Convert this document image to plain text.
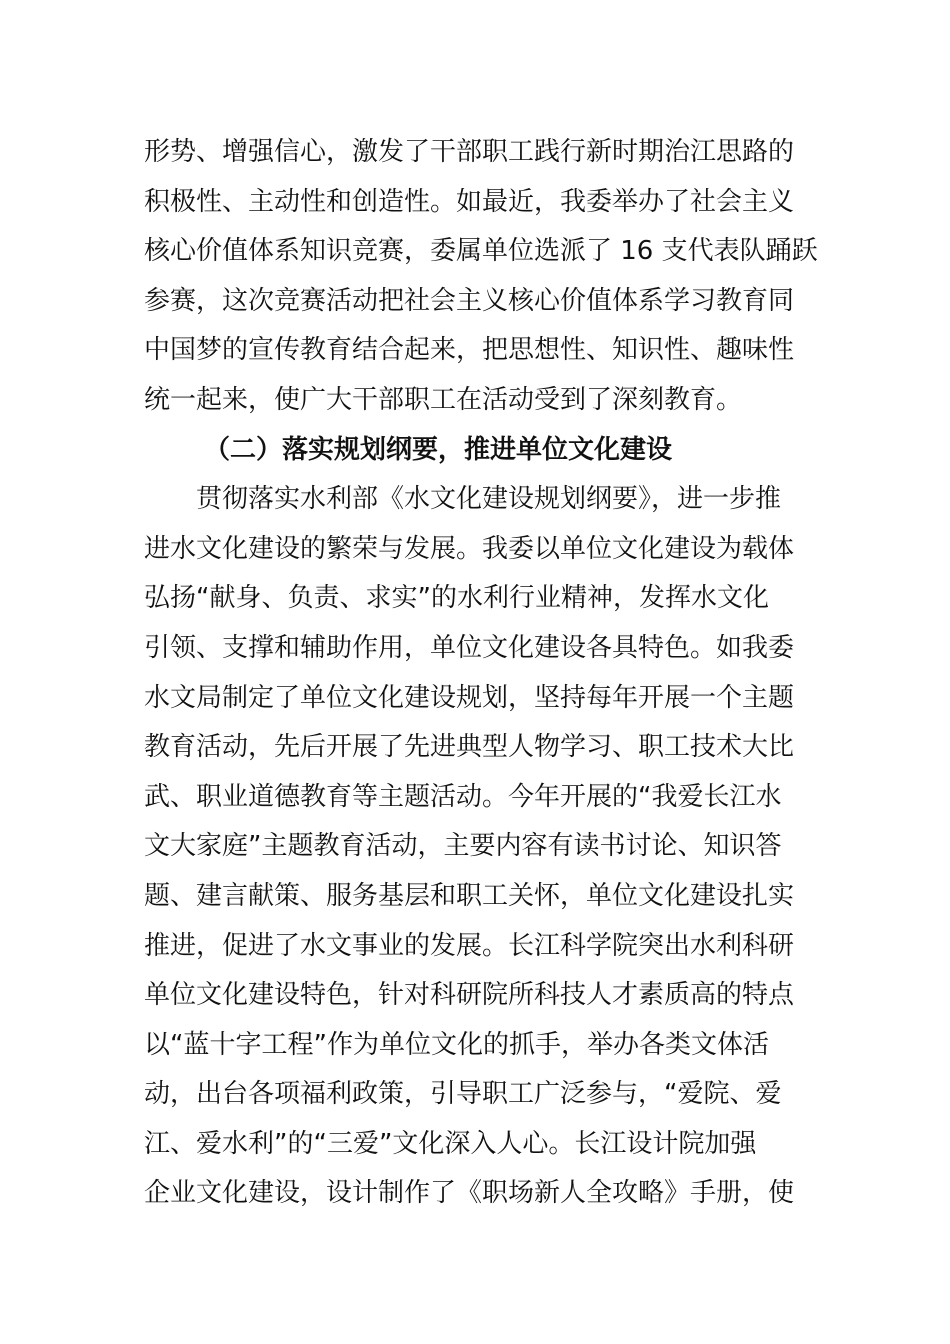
形势、增强信心，激发了干部职工践行新时期治江思路的
积极性、主动性和创造性。如最近，我委举办了社会主义
核心价值体系知识竞赛，委属单位选派了 16 支代表队踊跃
参赛，这次竞赛活动把社会主义核心价值体系学习教育同
中国梦的宣传教育结合起来，把思想性、知识性、趣味性
统一起来，使广大干部职工在活动受到了深刻教育。
（二）落实规划纲要，推进单位文化建设
　　贯彻落实水利部《水文化建设规划纲要》，进一步推
进水文化建设的繁荣与发展。我委以单位文化建设为载体
弘扬“献身、负责、求实”的水利行业精神，发挥水文化
引领、支撑和辅助作用，单位文化建设各具特色。如我委
水文局制定了单位文化建设规划，坚持每年开展一个主题
教育活动，先后开展了先进典型人物学习、职工技术大比
武、职业道德教育等主题活动。今年开展的“我爱长江水
文大家庭”主题教育活动，主要内容有读书讨论、知识答
题、建言献策、服务基层和职工关怀，单位文化建设扎实
推进，促进了水文事业的发展。长江科学院突出水利科研
单位文化建设特色，针对科研院所科技人才素质高的特点
以“蓝十字工程”作为单位文化的抓手，举办各类文体活
动，出台各项福利政策，引导职工广泛参与，“爱院、爱
江、爱水利”的“三爱”文化深入人心。长江设计院加强
企业文化建设，设计制作了《职场新人全攻略》手册，使
